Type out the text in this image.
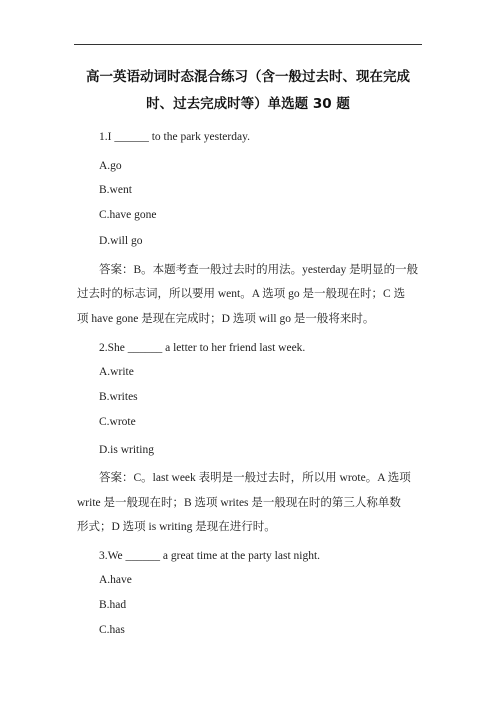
高一英语动词时态混合练习（含一般过去时、现在完成
时、过去完成时等）单选题 30 题
1.I ______ to the park yesterday.
A.go
B.went
C.have gone
D.will go
答案：B。本题考查一般过去时的用法。yesterday 是明显的一般
过去时的标志词，所以要用 went。A 选项 go 是一般现在时；C 选
项 have gone 是现在完成时；D 选项 will go 是一般将来时。
2.She ______ a letter to her friend last week.
A.write
B.writes
C.wrote
D.is writing
答案：C。last week 表明是一般过去时，所以用 wrote。A 选项
write 是一般现在时；B 选项 writes 是一般现在时的第三人称单数
形式；D 选项 is writing 是现在进行时。
3.We ______ a great time at the party last night.
A.have
B.had
C.has
